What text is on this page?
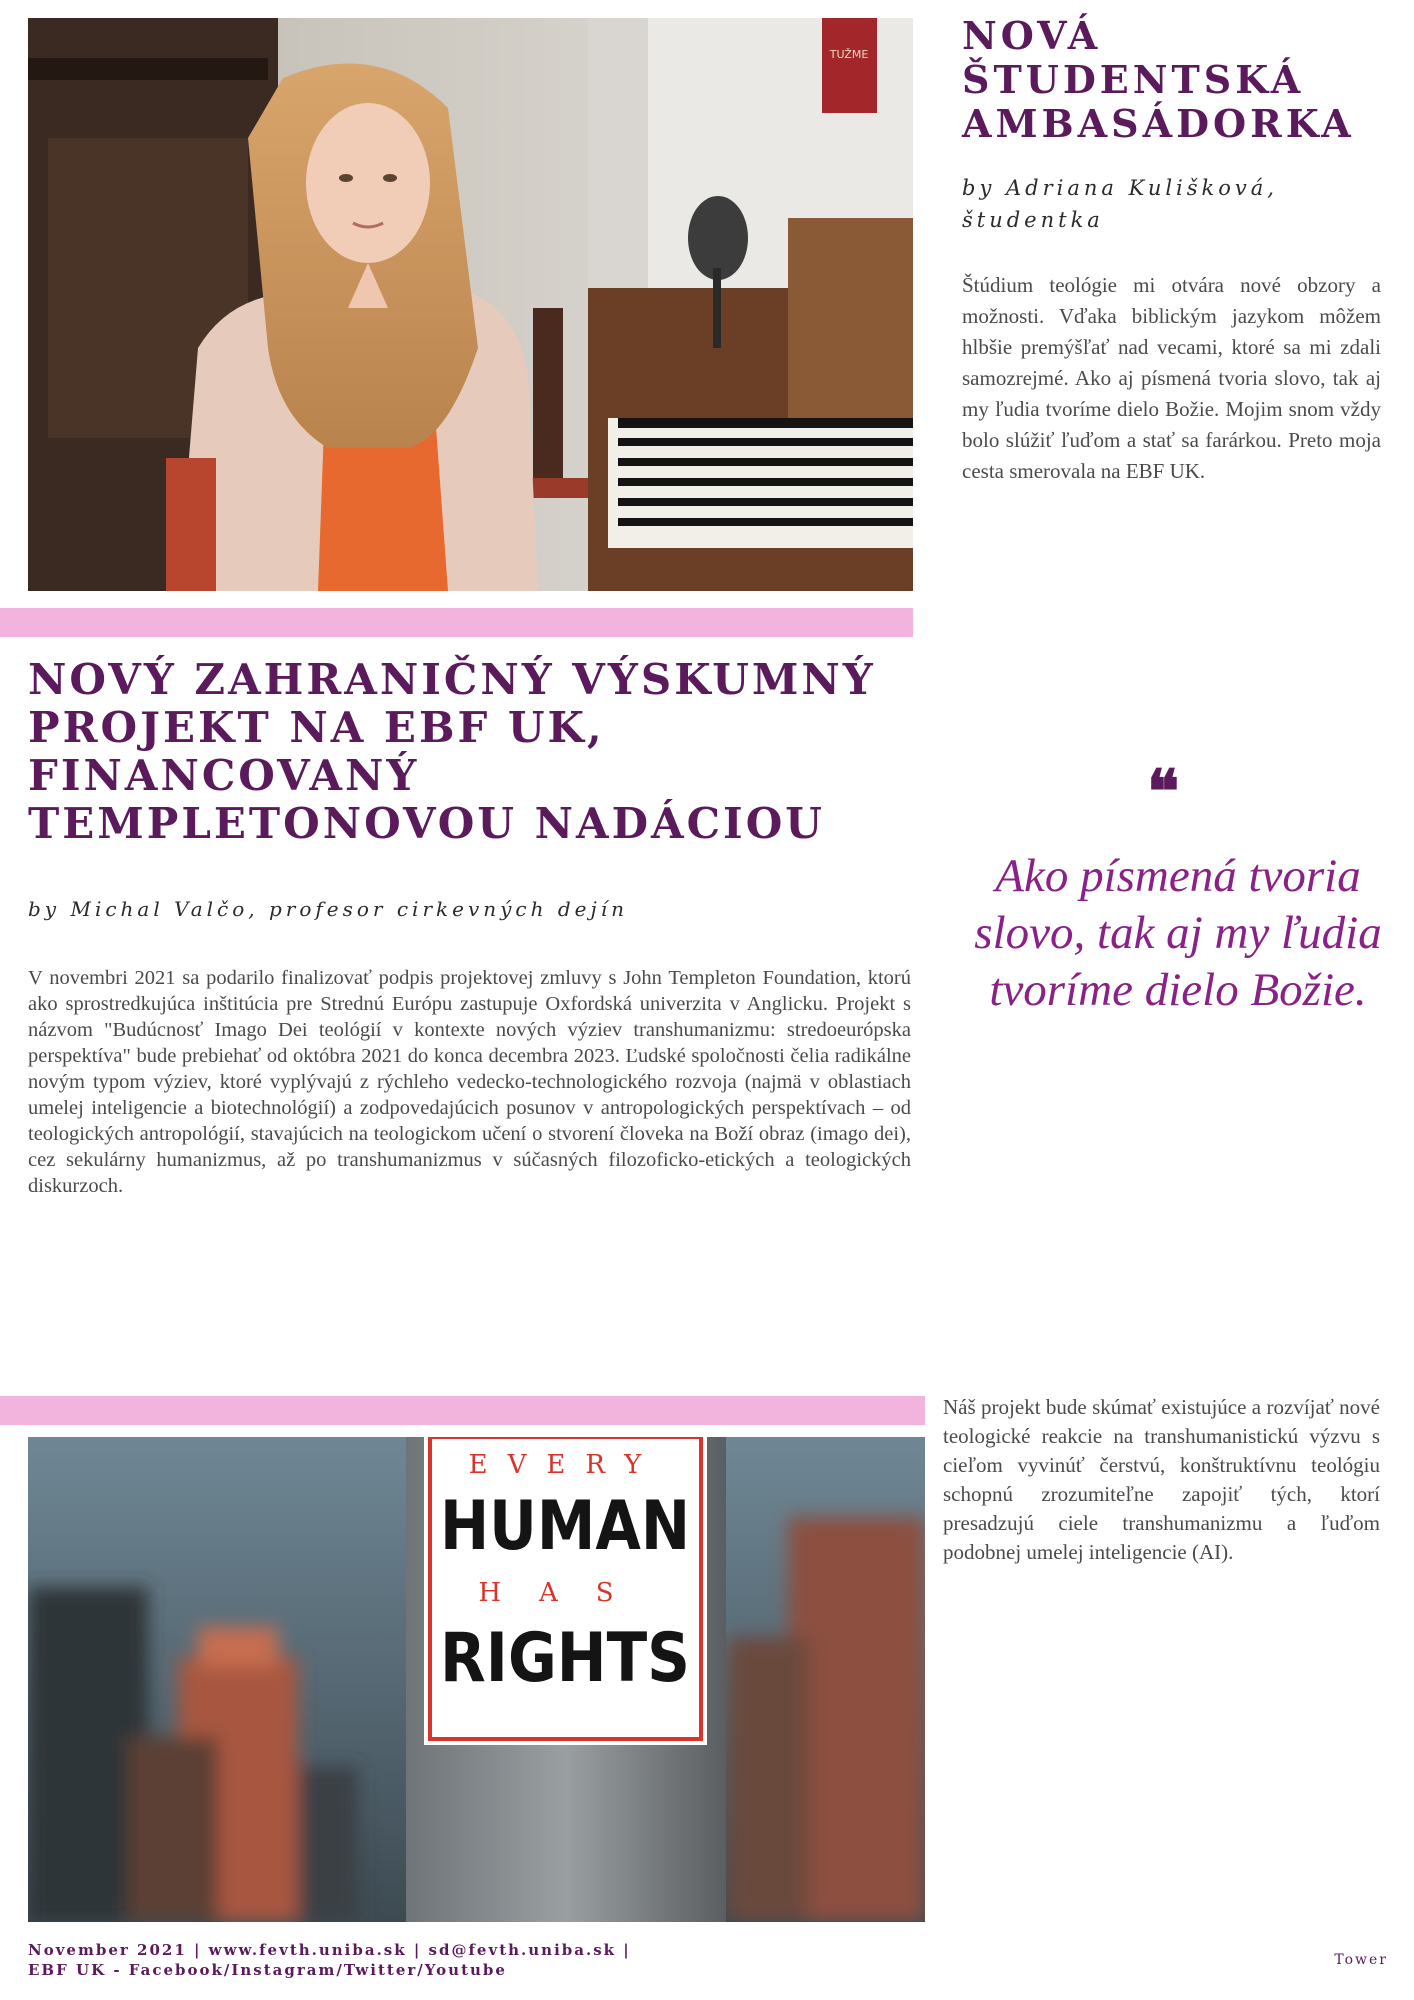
TUŽME NOVÁ ŠTUDENTSKÁ AMBASÁDORKA
by Adriana Kulišková, študentka

Štúdium teológie mi otvára nové obzory a možnosti. Vďaka biblickým jazykom môžem hlbšie premýšľať nad vecami, ktoré sa mi zdali samozrejmé. Ako aj písmená tvoria slovo, tak aj my ľudia tvoríme dielo Božie. Mojim snom vždy bolo slúžiť ľuďom a stať sa farárkou. Preto moja cesta smerovala na EBF UK.

NOVÝ ZAHRANIČNÝ VÝSKUMNÝ PROJEKT NA EBF UK, FINANCOVANÝ TEMPLETONOVOU NADÁCIOU
by Michal Valčo, profesor cirkevných dejín

V novembri 2021 sa podarilo finalizovať podpis projektovej zmluvy s John Templeton Foundation, ktorú ako sprostredkujúca inštitúcia pre Strednú Európu zastupuje Oxfordská univerzita v Anglicku. Projekt s názvom "Budúcnosť Imago Dei teológií v kontexte nových výziev transhumanizmu: stredoeurópska perspektíva" bude prebiehať od októbra 2021 do konca decembra 2023. Ľudské spoločnosti čelia radikálne novým typom výziev, ktoré vyplývajú z rýchleho vedecko-technologického rozvoja (najmä v oblastiach umelej inteligencie a biotechnológií) a zodpovedajúcich posunov v antropologických perspektívach – od teologických antropológií, stavajúcich na teologickom učení o stvorení človeka na Boží obraz (imago dei), cez sekulárny humanizmus, až po transhumanizmus v súčasných filozoficko-etických a teologických diskurzoch.

❝
Ako písmená tvoria slovo, tak aj my ľudia tvoríme dielo Božie.
EVERY
HUMAN
HAS
RIGHTS

Náš projekt bude skúmať existujúce a rozvíjať nové teologické reakcie na transhumanistickú výzvu s cieľom vyvinúť čerstvú, konštruktívnu teológiu schopnú zrozumiteľne zapojiť tých, ktorí presadzujú ciele transhumanizmu a ľuďom podobnej umelej inteligencie (AI).

November 2021 | www.fevth.uniba.sk | sd@fevth.uniba.sk |
EBF UK - Facebook/Instagram/Twitter/Youtube
Tower
